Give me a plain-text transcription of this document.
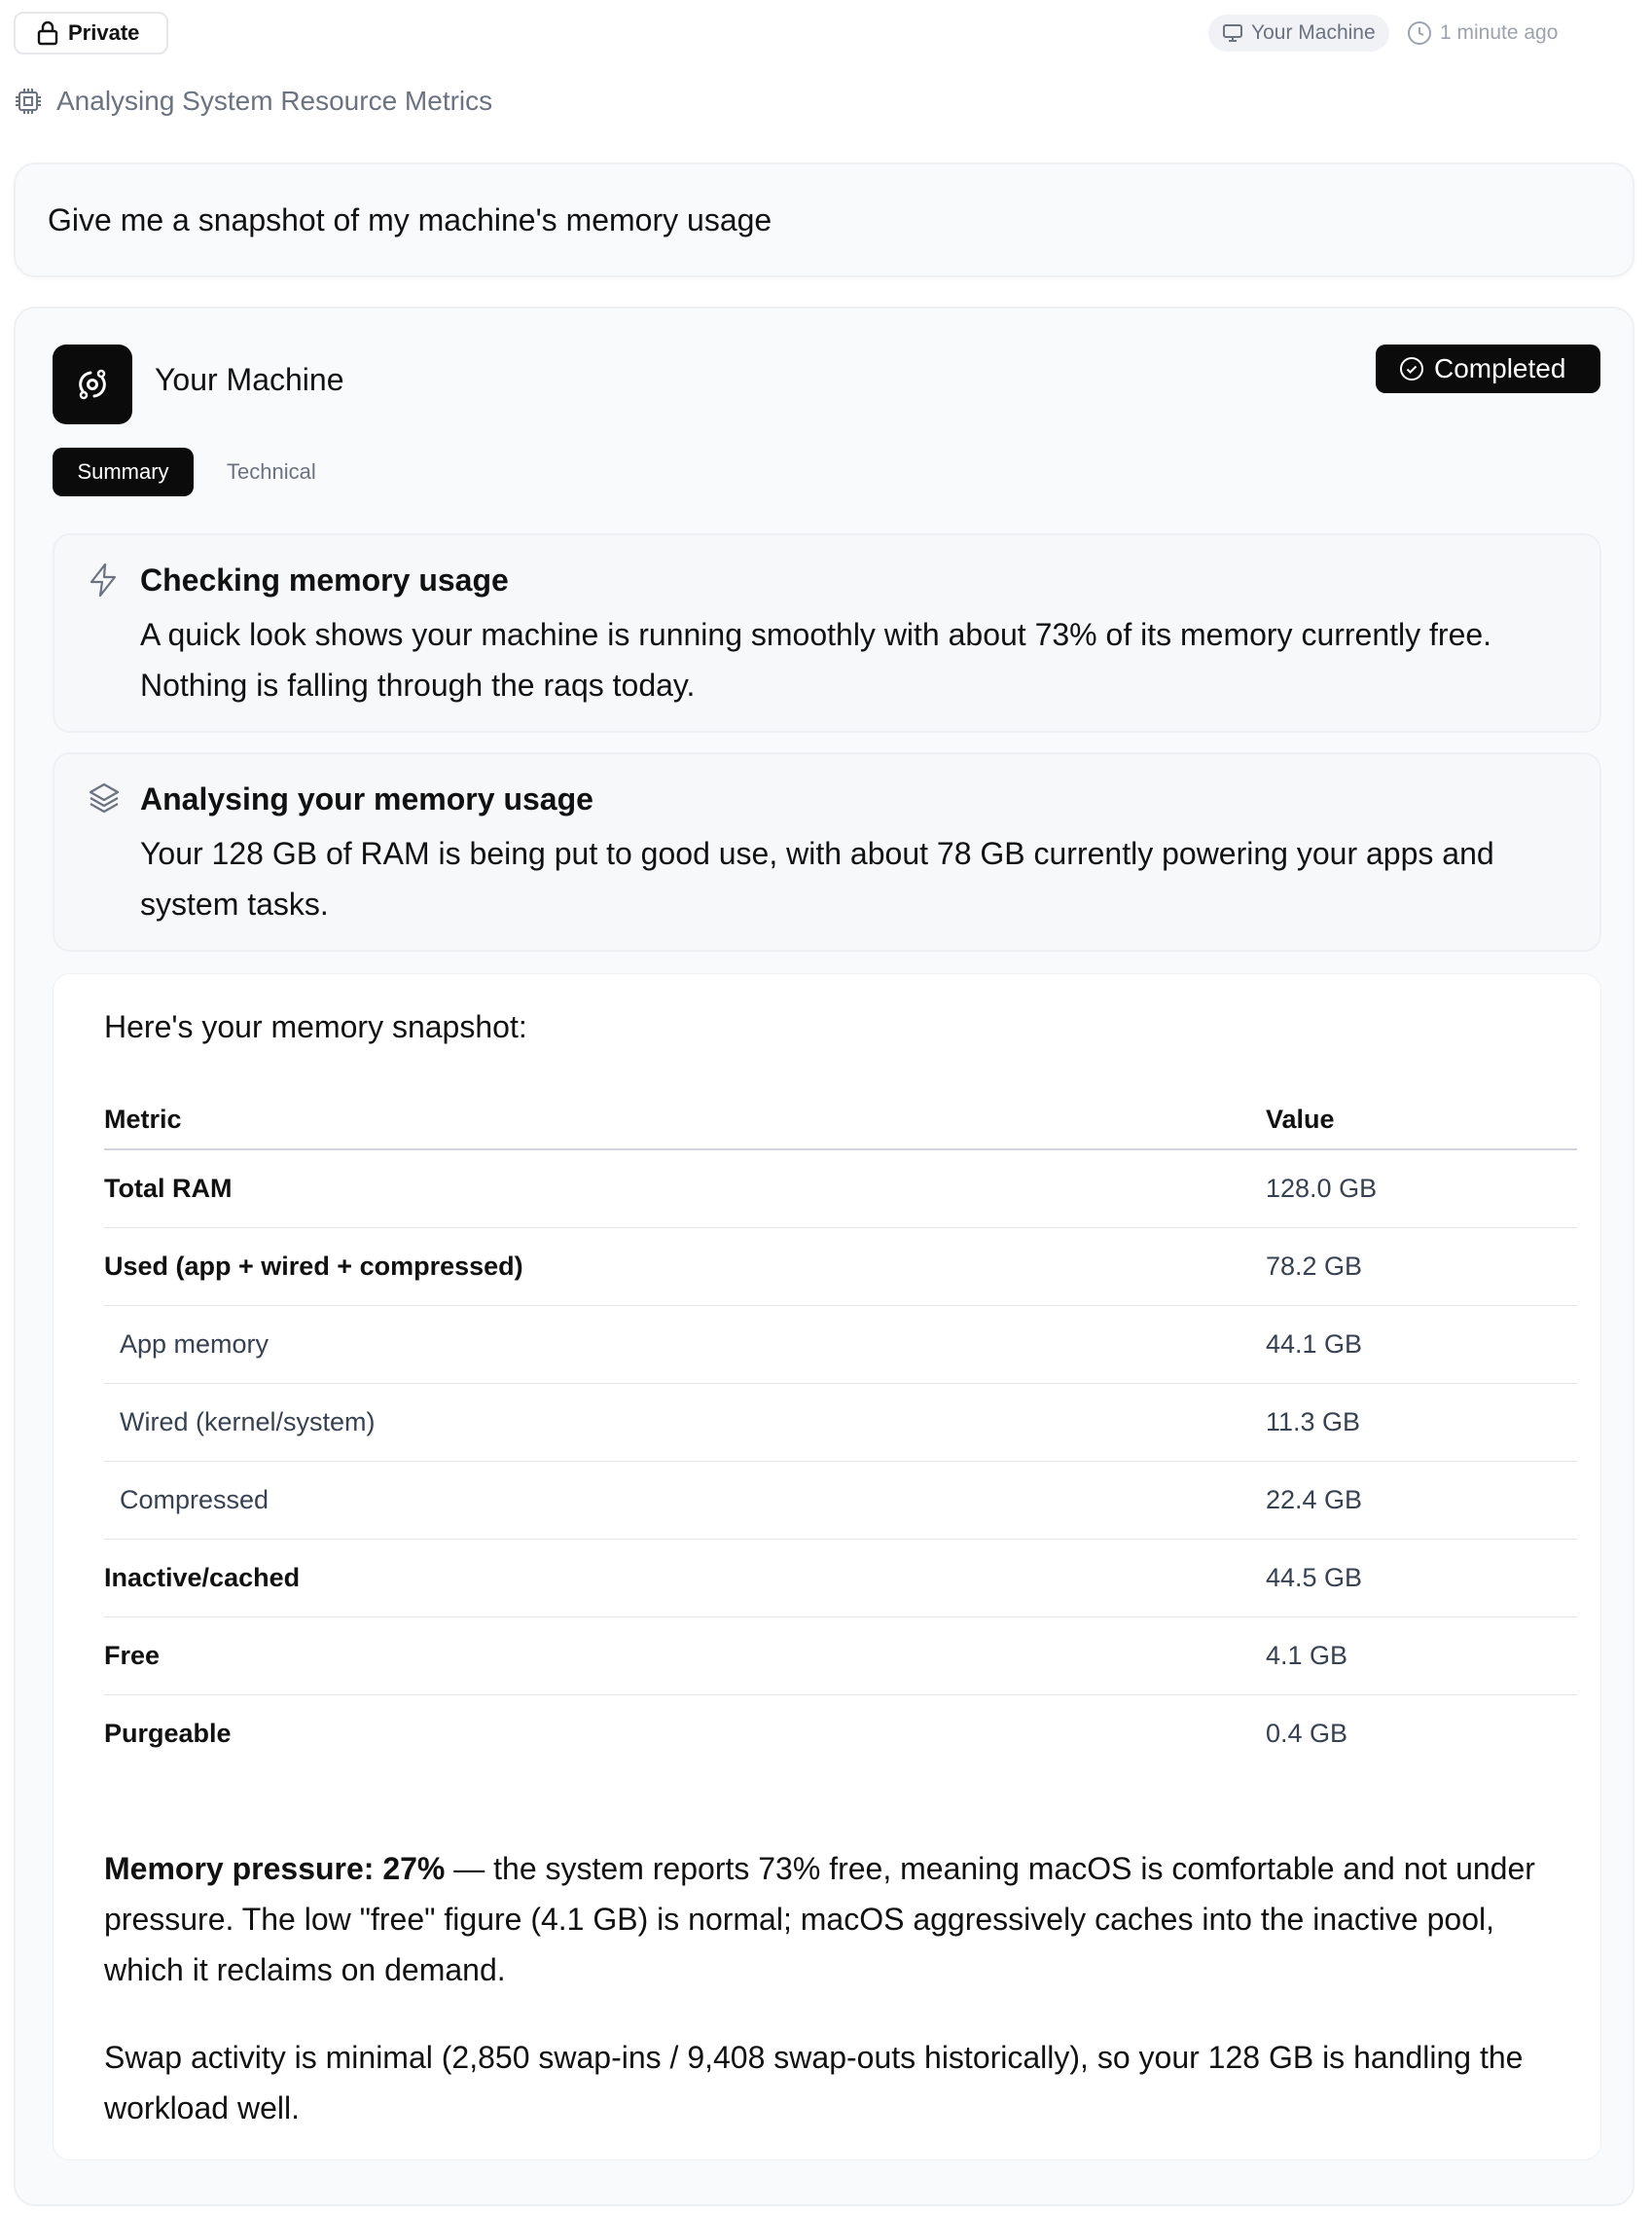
Private	Your Machine	1 minute ago
Analysing System Resource Metrics
Give me a snapshot of my machine's memory usage
Your Machine	Completed
Summary	Technical
Checking memory usage

A quick look shows your machine is running smoothly with about 73% of its memory currently free. Nothing is falling through the raqs today.

Analysing your memory usage

Your 128 GB of RAM is being put to good use, with about 78 GB currently powering your apps and system tasks.

Here's your memory snapshot:
Metric	Value
Total RAM	128.0 GB
Used (app + wired + compressed)	78.2 GB
App memory	44.1 GB
Wired (kernel/system)	11.3 GB
Compressed	22.4 GB
Inactive/cached	44.5 GB
Free	4.1 GB
Purgeable	0.4 GB
Memory pressure: 27% — the system reports 73% free, meaning macOS is comfortable and not under pressure. The low "free" figure (4.1 GB) is normal; macOS aggressively caches into the inactive pool, which it reclaims on demand.
Swap activity is minimal (2,850 swap-ins / 9,408 swap-outs historically), so your 128 GB is handling the workload well.
